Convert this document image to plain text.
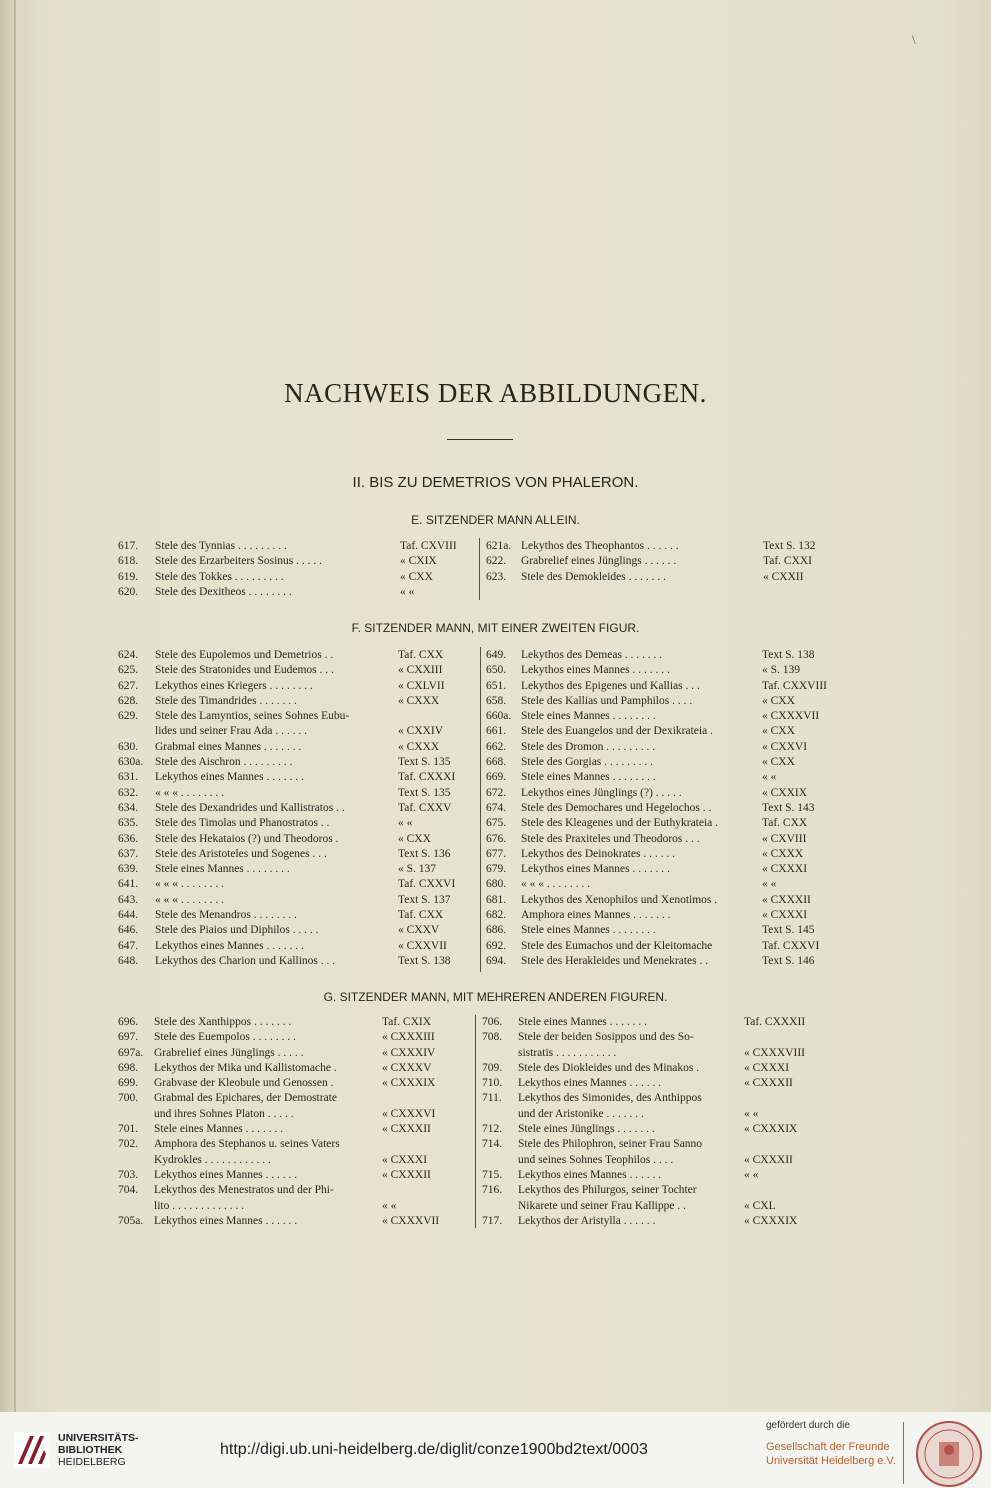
\
NACHWEIS DER ABBILDUNGEN.
II. BIS ZU DEMETRIOS VON PHALERON.
E. SITZENDER MANN ALLEIN.
617. Stele des Tynnias . . . . . . . . .	Taf. CXVIII
618. Stele des Erzarbeiters Sosinus . . . . .	« CXIX
619. Stele des Tokkes . . . . . . . . .	« CXX
620. Stele des Dexitheos . . . . . . . .	« «
621a. Lekythos des Theophantos . . . . . .	Text S. 132
622. Grabrelief eines Jünglings . . . . . .	Taf. CXXI
623. Stele des Demokleides . . . . . . .	« CXXII
F. SITZENDER MANN, MIT EINER ZWEITEN FIGUR.
624. Stele des Eupolemos und Demetrios . .	Taf. CXX
625. Stele des Stratonides und Eudemos . . .	« CXXIII
627. Lekythos eines Kriegers . . . . . . . .	« CXLVII
628. Stele des Timandrides . . . . . . .	« CXXX
629. Stele des Lamyntios, seines Sohnes Eubu-
lides und seiner Frau Ada . . . . . .	« CXXIV
630. Grabmal eines Mannes . . . . . . .	« CXXX
630a. Stele des Aischron . . . . . . . . .	Text S. 135
631. Lekythos eines Mannes . . . . . . .	Taf. CXXXI
632. « « « . . . . . . . .	Text S. 135
634. Stele des Dexandrides und Kallistratos . .	Taf. CXXV
635. Stele des Timolas und Phanostratos . .	« «
636. Stele des Hekataios (?) und Theodoros .	« CXX
637. Stele des Aristoteles und Sogenes . . .	Text S. 136
639. Stele eines Mannes . . . . . . . .	« S. 137
641. « « « . . . . . . . .	Taf. CXXVI
643. « « « . . . . . . . .	Text S. 137
644. Stele des Menandros . . . . . . . .	Taf. CXX
646. Stele des Piaios und Diphilos . . . . .	« CXXV
647. Lekythos eines Mannes . . . . . . .	« CXXVII
648. Lekythos des Charion und Kallinos . . .	Text S. 138
649. Lekythos des Demeas . . . . . . .	Text S. 138
650. Lekythos eines Mannes . . . . . . .	« S. 139
651. Lekythos des Epigenes und Kallias . . .	Taf. CXXVIII
658. Stele des Kallias und Pamphilos . . . .	« CXX
660a. Stele eines Mannes . . . . . . . .	« CXXXVII
661. Stele des Euangelos und der Dexikrateia .	« CXX
662. Stele des Dromon . . . . . . . . .	« CXXVI
668. Stele des Gorgias . . . . . . . . .	« CXX
669. Stele eines Mannes . . . . . . . .	« «
672. Lekythos eines Jünglings (?) . . . . .	« CXXIX
674. Stele des Demochares und Hegelochos . .	Text S. 143
675. Stele des Kleagenes und der Euthykrateia .	Taf. CXX
676. Stele des Praxiteles und Theodoros . . .	« CXVIII
677. Lekythos des Deinokrates . . . . . .	« CXXX
679. Lekythos eines Mannes . . . . . . .	« CXXXI
680. « « « . . . . . . . .	« «
681. Lekythos des Xenophilos und Xenotimos .	« CXXXII
682. Amphora eines Mannes . . . . . . .	« CXXXI
686. Stele eines Mannes . . . . . . . .	Text S. 145
692. Stele des Eumachos und der Kleitomache	Taf. CXXVI
694. Stele des Herakleides und Menekrates . .	Text S. 146
G. SITZENDER MANN, MIT MEHREREN ANDEREN FIGUREN.
696. Stele des Xanthippos . . . . . . .	Taf. CXIX
697. Stele des Euempolos . . . . . . . .	« CXXXIII
697a. Grabrelief eines Jünglings . . . . .	« CXXXIV
698. Lekythos der Mika und Kallistomache .	« CXXXV
699. Grabvase der Kleobule und Genossen .	« CXXXIX
700. Grabmal des Epichares, der Demostrate
und ihres Sohnes Platon . . . . .	« CXXXVI
701. Stele eines Mannes . . . . . . .	« CXXXII
702. Amphora des Stephanos u. seines Vaters
Kydrokles . . . . . . . . . . . .	« CXXXI
703. Lekythos eines Mannes . . . . . .	« CXXXII
704. Lekythos des Menestratos und der Phi-
lito . . . . . . . . . . . . .	« «
705a. Lekythos eines Mannes . . . . . .	« CXXXVII
706. Stele eines Mannes . . . . . . .	Taf. CXXXII
708. Stele der beiden Sosippos und des So-
sistratis . . . . . . . . . . .	« CXXXVIII
709. Stele des Diokleides und des Minakos .	« CXXXI
710. Lekythos eines Mannes . . . . . .	« CXXXII
711. Lekythos des Simonides, des Anthippos
und der Aristonike . . . . . . .	« «
712. Stele eines Jünglings . . . . . . .	« CXXXIX
714. Stele des Philophron, seiner Frau Sanno
und seines Sohnes Teophilos . . . .	« CXXXII
715. Lekythos eines Mannes . . . . . .	« «
716. Lekythos des Philurgos, seiner Tochter
Nikarete und seiner Frau Kallippe . .	« CXL
717. Lekythos der Aristylla . . . . . .	« CXXXIX
UNIVERSITÄTS-
BIBLIOTHEK
HEIDELBERG
http://digi.ub.uni-heidelberg.de/diglit/conze1900bd2text/0003
gefördert durch die
Gesellschaft der Freunde
Universität Heidelberg e.V.
